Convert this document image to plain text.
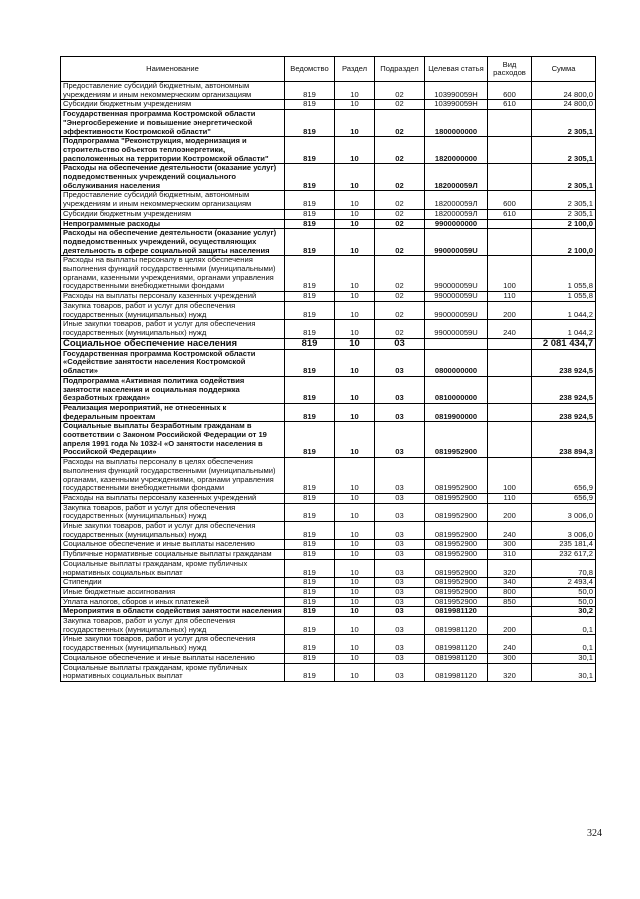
Наименование	Ведомство	Раздел	Подраздел	Целевая статья	Вид расходов	Сумма
Предоставление субсидий бюджетным, автономным учреждениям и иным некоммерческим организациям	819	10	02	103990059Н	600	24 800,0
Субсидии бюджетным учреждениям	819	10	02	103990059Н	610	24 800,0
Государственная программа Костромской области "Энергосбережение и повышение энергетической эффективности Костромской области"	819	10	02	1800000000		2 305,1
Подпрограмма "Реконструкция, модернизация и строительство объектов теплоэнергетики, расположенных на территории Костромской области"	819	10	02	1820000000		2 305,1
Расходы на обеспечение деятельности (оказание услуг) подведомственных учреждений социального обслуживания населения	819	10	02	182000059Л		2 305,1
Предоставление субсидий бюджетным, автономным учреждениям и иным некоммерческим организациям	819	10	02	182000059Л	600	2 305,1
Субсидии бюджетным учреждениям	819	10	02	182000059Л	610	2 305,1
Непрограммные расходы	819	10	02	9900000000		2 100,0
Расходы на обеспечение деятельности (оказание услуг) подведомственных учреждений, осуществляющих деятельность в сфере социальной защиты населения	819	10	02	990000059U		2 100,0
Расходы на выплаты персоналу в целях обеспечения выполнения функций государственными (муниципальными) органами, казенными учреждениями, органами управления государственными внебюджетными фондами	819	10	02	990000059U	100	1 055,8
Расходы на выплаты персоналу казенных учреждений	819	10	02	990000059U	110	1 055,8
Закупка товаров, работ и услуг для обеспечения государственных (муниципальных) нужд	819	10	02	990000059U	200	1 044,2
Иные закупки товаров, работ и услуг для обеспечения государственных (муниципальных) нужд	819	10	02	990000059U	240	1 044,2
Социальное обеспечение населения	819	10	03			2 081 434,7
Государственная программа Костромской области «Содействие занятости населения Костромской области»	819	10	03	0800000000		238 924,5
Подпрограмма «Активная политика содействия занятости населения и социальная поддержка безработных граждан»	819	10	03	0810000000		238 924,5
Реализация мероприятий, не отнесенных к федеральным проектам	819	10	03	0819900000		238 924,5
Социальные выплаты безработным гражданам в соответствии с Законом Российской Федерации от 19 апреля 1991 года № 1032-I «О занятости населения в Российской Федерации»	819	10	03	0819952900		238 894,3
Расходы на выплаты персоналу в целях обеспечения выполнения функций государственными (муниципальными) органами, казенными учреждениями, органами управления государственными внебюджетными фондами	819	10	03	0819952900	100	656,9
Расходы на выплаты персоналу казенных учреждений	819	10	03	0819952900	110	656,9
Закупка товаров, работ и услуг для обеспечения государственных (муниципальных) нужд	819	10	03	0819952900	200	3 006,0
Иные закупки товаров, работ и услуг для обеспечения государственных (муниципальных) нужд	819	10	03	0819952900	240	3 006,0
Социальное обеспечение и иные выплаты населению	819	10	03	0819952900	300	235 181,4
Публичные нормативные социальные выплаты гражданам	819	10	03	0819952900	310	232 617,2
Социальные выплаты гражданам, кроме публичных нормативных социальных выплат	819	10	03	0819952900	320	70,8
Стипендии	819	10	03	0819952900	340	2 493,4
Иные бюджетные ассигнования	819	10	03	0819952900	800	50,0
Уплата налогов, сборов и иных платежей	819	10	03	0819952900	850	50,0
Мероприятия в области содействия занятости населения	819	10	03	0819981120		30,2
Закупка товаров, работ и услуг для обеспечения государственных (муниципальных) нужд	819	10	03	0819981120	200	0,1
Иные закупки товаров, работ и услуг для обеспечения государственных (муниципальных) нужд	819	10	03	0819981120	240	0,1
Социальное обеспечение и иные выплаты населению	819	10	03	0819981120	300	30,1
Социальные выплаты гражданам, кроме публичных нормативных социальных выплат	819	10	03	0819981120	320	30,1
324
